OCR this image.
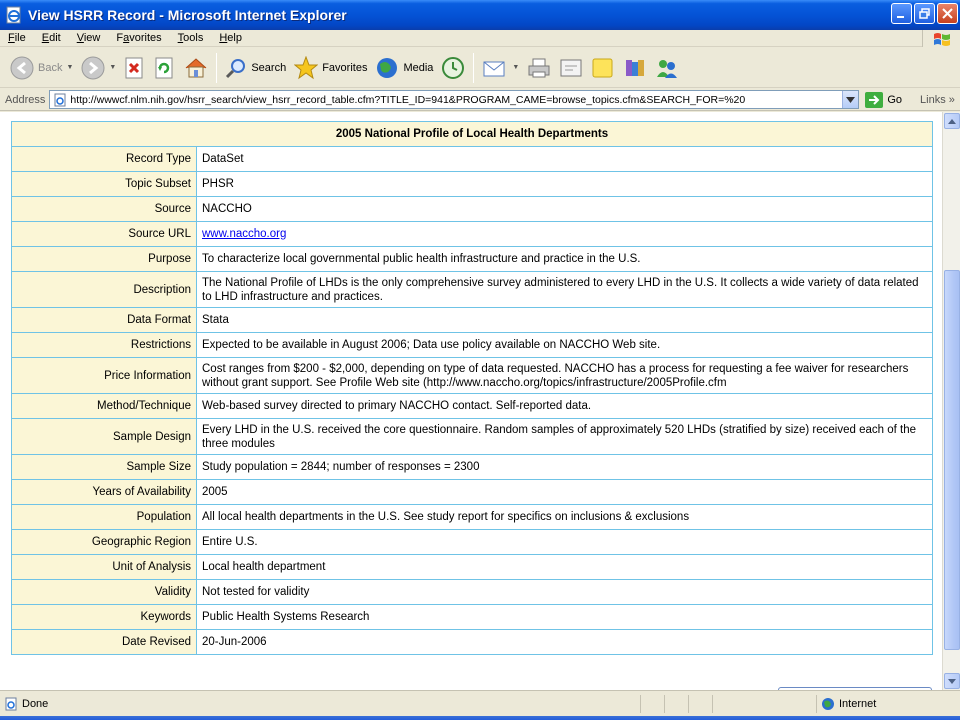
View HSRR Record - Microsoft Internet Explorer
File	Edit	View	Favorites	Tools	Help
Back ▼	▼	Search	Favorites	Media	▼
Address http://wwwcf.nlm.nih.gov/hsrr_search/view_hsrr_record_table.cfm?TITLE_ID=941&PROGRAM_CAME=browse_topics.cfm&SEARCH_FOR=%20	Go Links »
2005 National Profile of Local Health Departments	
Record Type	DataSet
Topic Subset	PHSR
Source	NACCHO
Source URL	www.naccho.org
Purpose	To characterize local governmental public health infrastructure and practice in the U.S.
Description	The National Profile of LHDs is the only comprehensive survey administered to every LHD in the U.S. It collects a wide variety of data related to LHD infrastructure and practices.
Data Format	Stata
Restrictions	Expected to be available in August 2006; Data use policy available on NACCHO Web site.
Price Information	Cost ranges from $200 - $2,000, depending on type of data requested. NACCHO has a process for requesting a fee waiver for researchers without grant support. See Profile Web site (http://www.naccho.org/topics/infrastructure/2005Profile.cfm
Method/Technique	Web-based survey directed to primary NACCHO contact. Self-reported data.
Sample Design	Every LHD in the U.S. received the core questionnaire. Random samples of approximately 520 LHDs (stratified by size) received each of the three modules
Sample Size	Study population = 2844; number of responses = 2300
Years of Availability	2005
Population	All local health departments in the U.S. See study report for specifics on inclusions & exclusions
Geographic Region	Entire U.S.
Unit of Analysis	Local health department
Validity	Not tested for validity
Keywords	Public Health Systems Research
Date Revised	20-Jun-2006
Done	Internet
